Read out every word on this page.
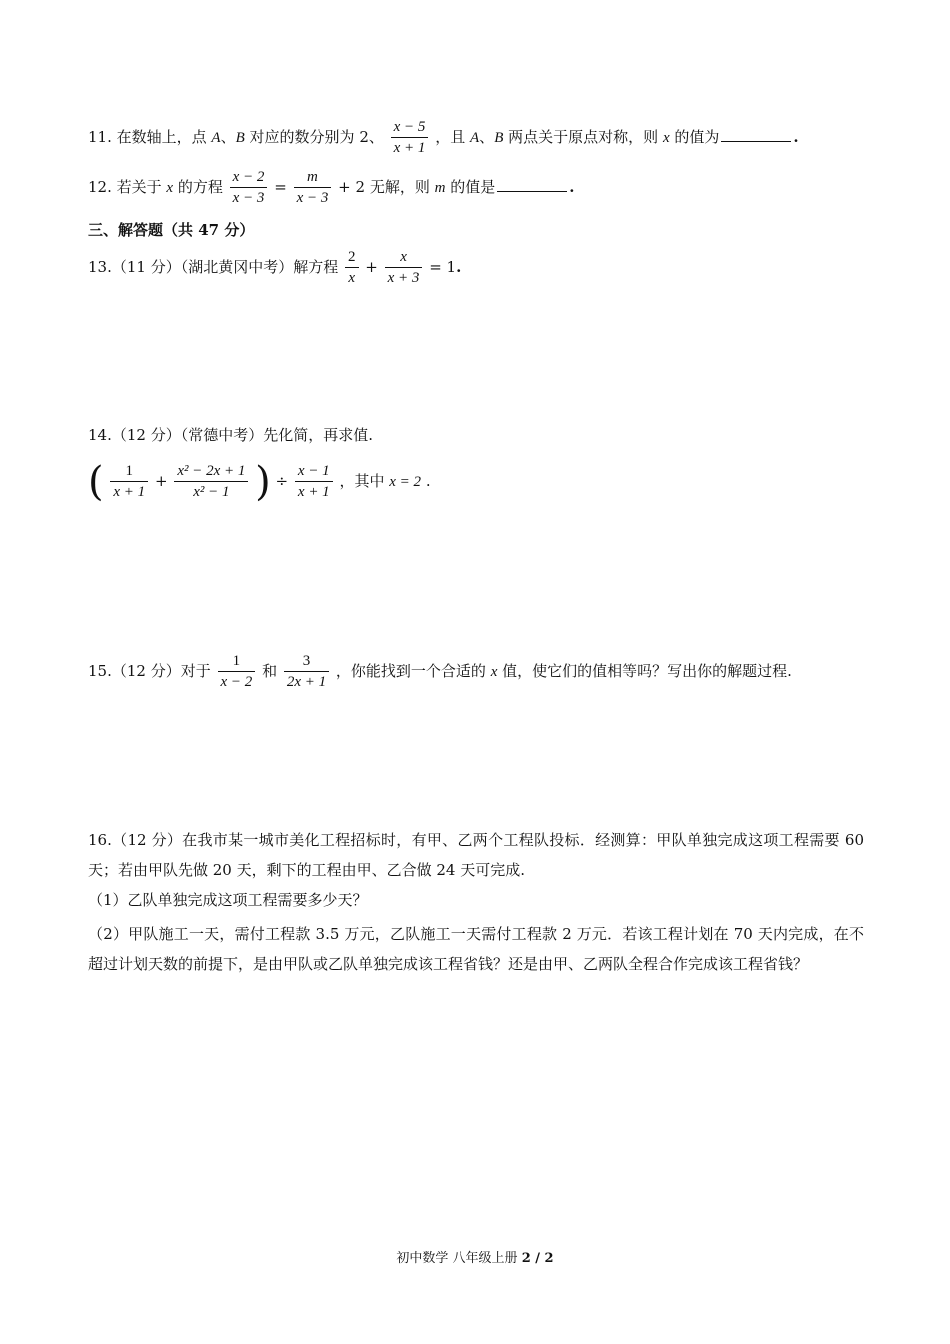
11. 在数轴上，点 A、B 对应的数分别为 2、 $\frac{x - 5}{x + 1}$ ，且 A、B 两点关于原点对称，则 x 的值为	.
12. 若关于 x 的方程 $\frac{x - 2}{x - 3} = \frac{m}{x - 3} + 2$ 无解，则 m 的值是	.
三、解答题（共 47 分）
13.（11 分）（湖北黄冈中考）解方程 $\frac{2}{x} + \frac{x}{x + 3} = 1$.
14.（12 分）（常德中考）先化简，再求值.
( $\frac{1}{x + 1} + \frac{\text{x² − 2x + 1}}{\text{x² − 1}}$ ) ÷ $\frac{x - 1}{x + 1}$ ，其中 x = 2 .
15.（12 分）对于 $\frac{1}{x - 2}$ 和 $\frac{3}{2x + 1}$ ，你能找到一个合适的 x 值，使它们的值相等吗？写出你的解题过程.
16.（12 分）在我市某一城市美化工程招标时，有甲、乙两个工程队投标．经测算：甲队单独完成这项工程需要 60 天；若由甲队先做 20 天，剩下的工程由甲、乙合做 24 天可完成.
（1）乙队单独完成这项工程需要多少天？
（2）甲队施工一天，需付工程款 3.5 万元，乙队施工一天需付工程款 2 万元．若该工程计划在 70 天内完成，在不超过计划天数的前提下，是由甲队或乙队单独完成该工程省钱？还是由甲、乙两队全程合作完成该工程省钱？
初中数学 八年级上册 2 / 2
